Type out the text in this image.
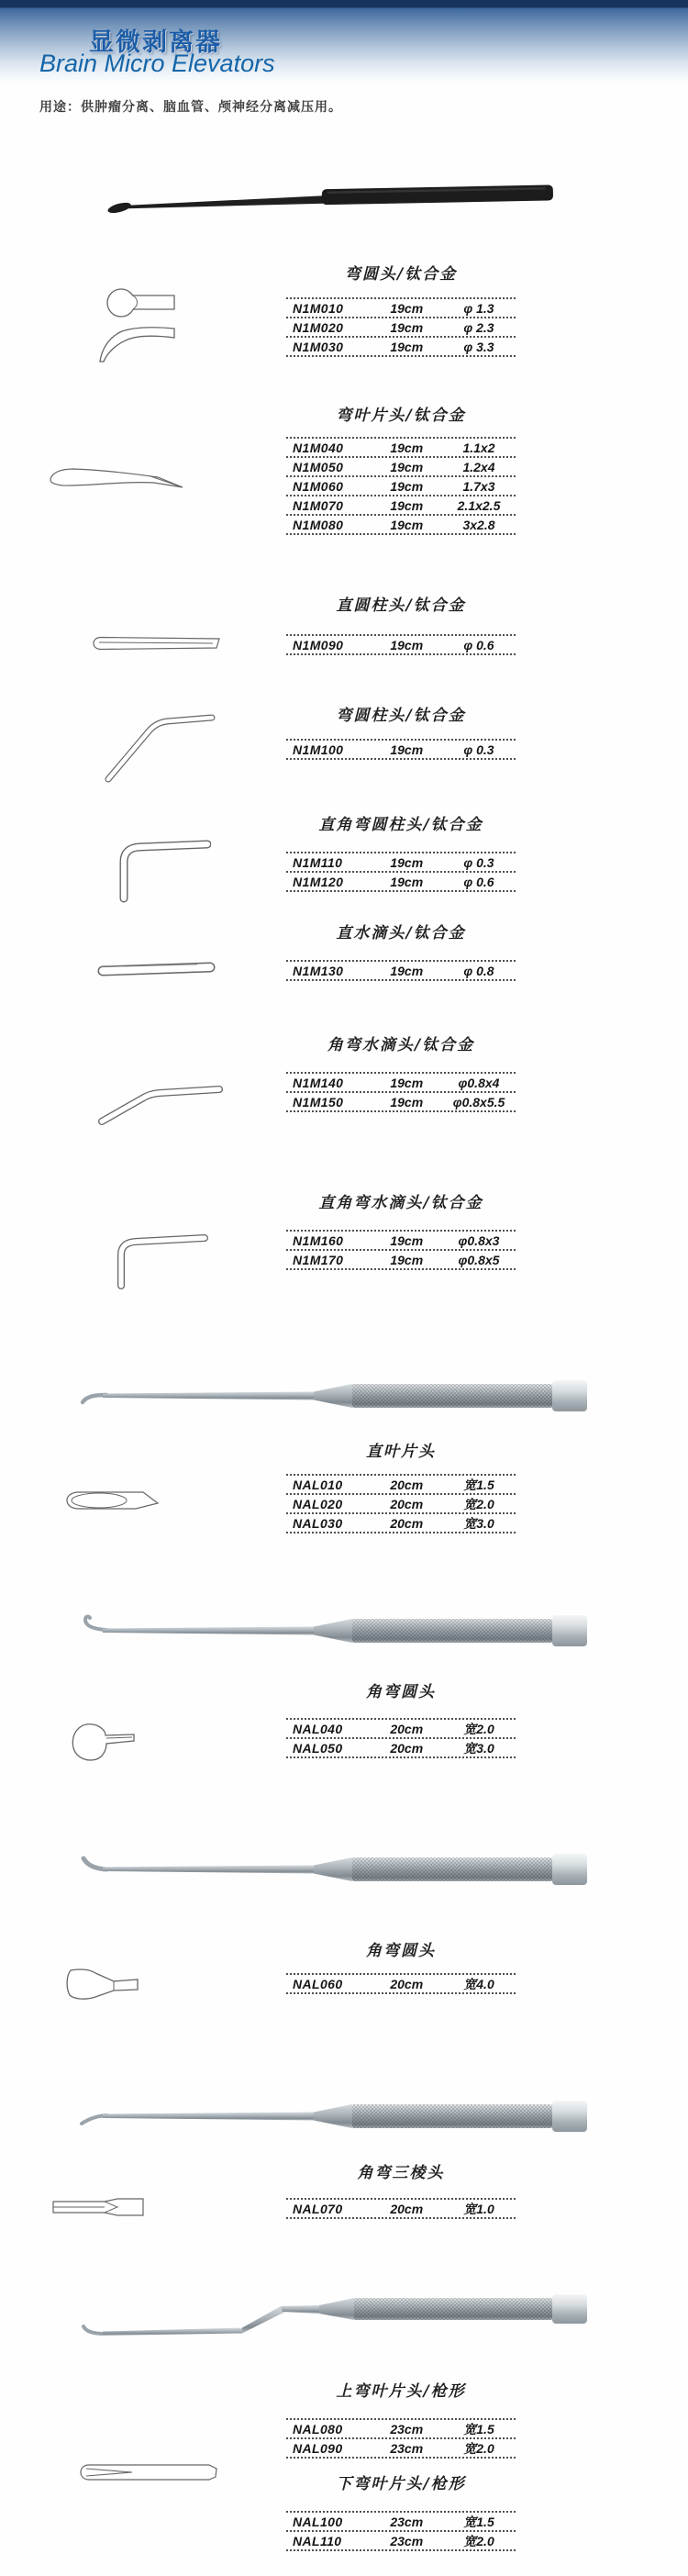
显微剥离器
Brain Micro Elevators
用途：供肿瘤分离、脑血管、颅神经分离减压用。
弯圆头/钛合金
N1M010	19cm	φ 1.3
N1M020	19cm	φ 2.3
N1M030	19cm	φ 3.3
弯叶片头/钛合金
N1M040	19cm	1.1x2
N1M050	19cm	1.2x4
N1M060	19cm	1.7x3
N1M070	19cm	2.1x2.5
N1M080	19cm	3x2.8
直圆柱头/钛合金
N1M090	19cm	φ 0.6
弯圆柱头/钛合金
N1M100	19cm	φ 0.3
直角弯圆柱头/钛合金
N1M110	19cm	φ 0.3
N1M120	19cm	φ 0.6
直水滴头/钛合金
N1M130	19cm	φ 0.8
角弯水滴头/钛合金
N1M140	19cm	φ0.8x4
N1M150	19cm	φ0.8x5.5
直角弯水滴头/钛合金
N1M160	19cm	φ0.8x3
N1M170	19cm	φ0.8x5
直叶片头
NAL010	20cm	宽1.5
NAL020	20cm	宽2.0
NAL030	20cm	宽3.0
角弯圆头
NAL040	20cm	宽2.0
NAL050	20cm	宽3.0
角弯圆头
NAL060	20cm	宽4.0
角弯三棱头
NAL070	20cm	宽1.0
上弯叶片头/枪形
NAL080	23cm	宽1.5
NAL090	23cm	宽2.0
下弯叶片头/枪形
NAL100	23cm	宽1.5
NAL110	23cm	宽2.0
